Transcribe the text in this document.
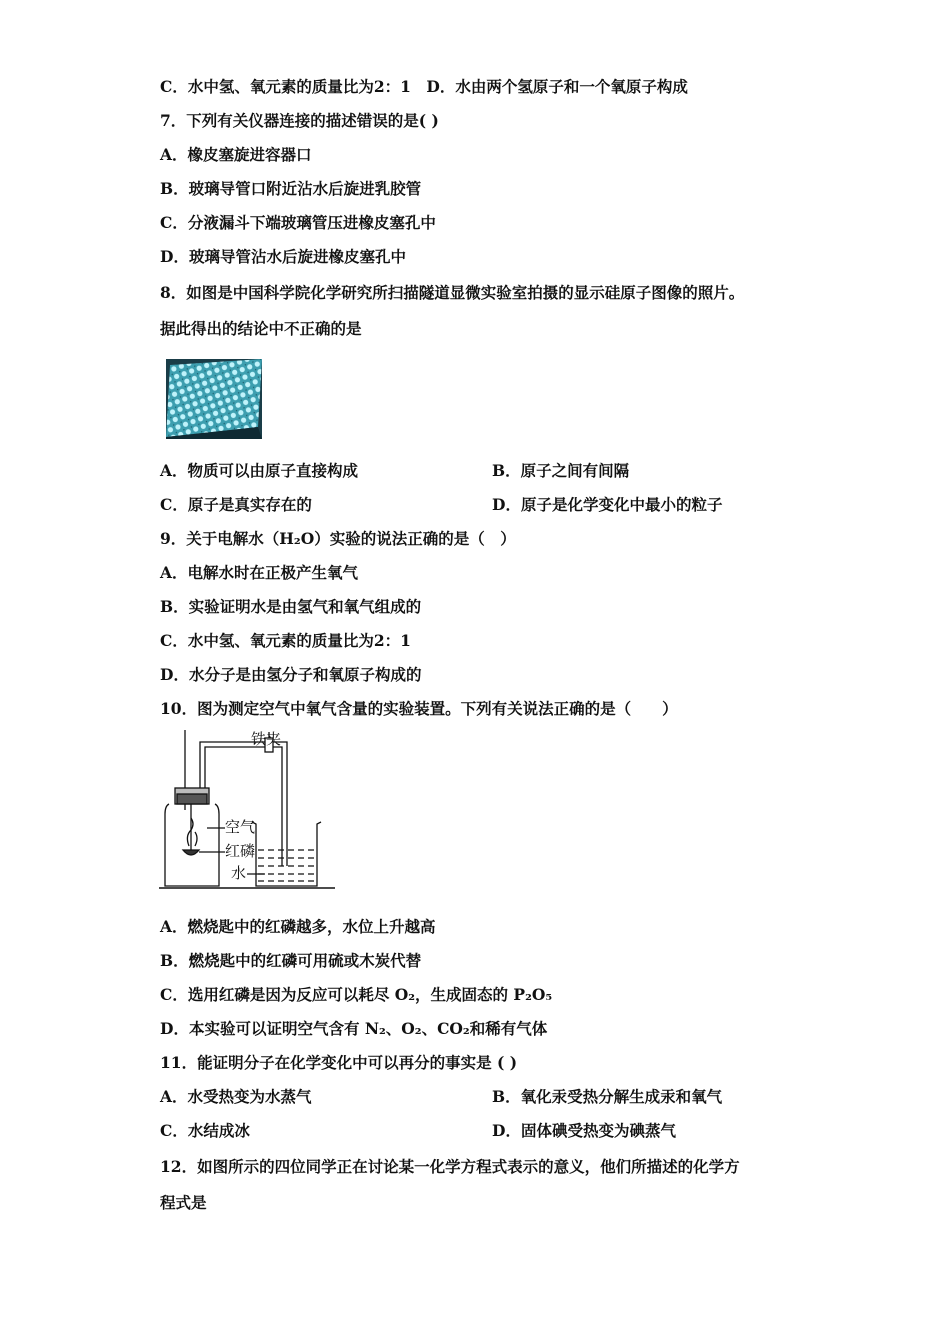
C．水中氢、氧元素的质量比为2：1　D．水由两个氢原子和一个氧原子构成
7．下列有关仪器连接的描述错误的是( )
A．橡皮塞旋进容器口
B．玻璃导管口附近沾水后旋进乳胶管
C．分液漏斗下端玻璃管压进橡皮塞孔中
D．玻璃导管沾水后旋进橡皮塞孔中
8．如图是中国科学院化学研究所扫描隧道显微实验室拍摄的显示硅原子图像的照片。
据此得出的结论中不正确的是
A．物质可以由原子直接构成	B．原子之间有间隔
C．原子是真实存在的	D．原子是化学变化中最小的粒子
9．关于电解水（H₂O）实验的说法正确的是（　）
A．电解水时在正极产生氧气
B．实验证明水是由氢气和氧气组成的
C．水中氢、氧元素的质量比为2：1
D．水分子是由氢分子和氧原子构成的
10．图为测定空气中氧气含量的实验装置。下列有关说法正确的是（　　）
铁夹
空气
红磷
水
A．燃烧匙中的红磷越多，水位上升越高
B．燃烧匙中的红磷可用硫或木炭代替
C．选用红磷是因为反应可以耗尽 O₂，生成固态的 P₂O₅
D．本实验可以证明空气含有 N₂、O₂、CO₂和稀有气体
11．能证明分子在化学变化中可以再分的事实是 ( )
A．水受热变为水蒸气	B．氧化汞受热分解生成汞和氧气
C．水结成冰	D．固体碘受热变为碘蒸气
12．如图所示的四位同学正在讨论某一化学方程式表示的意义，他们所描述的化学方
程式是
